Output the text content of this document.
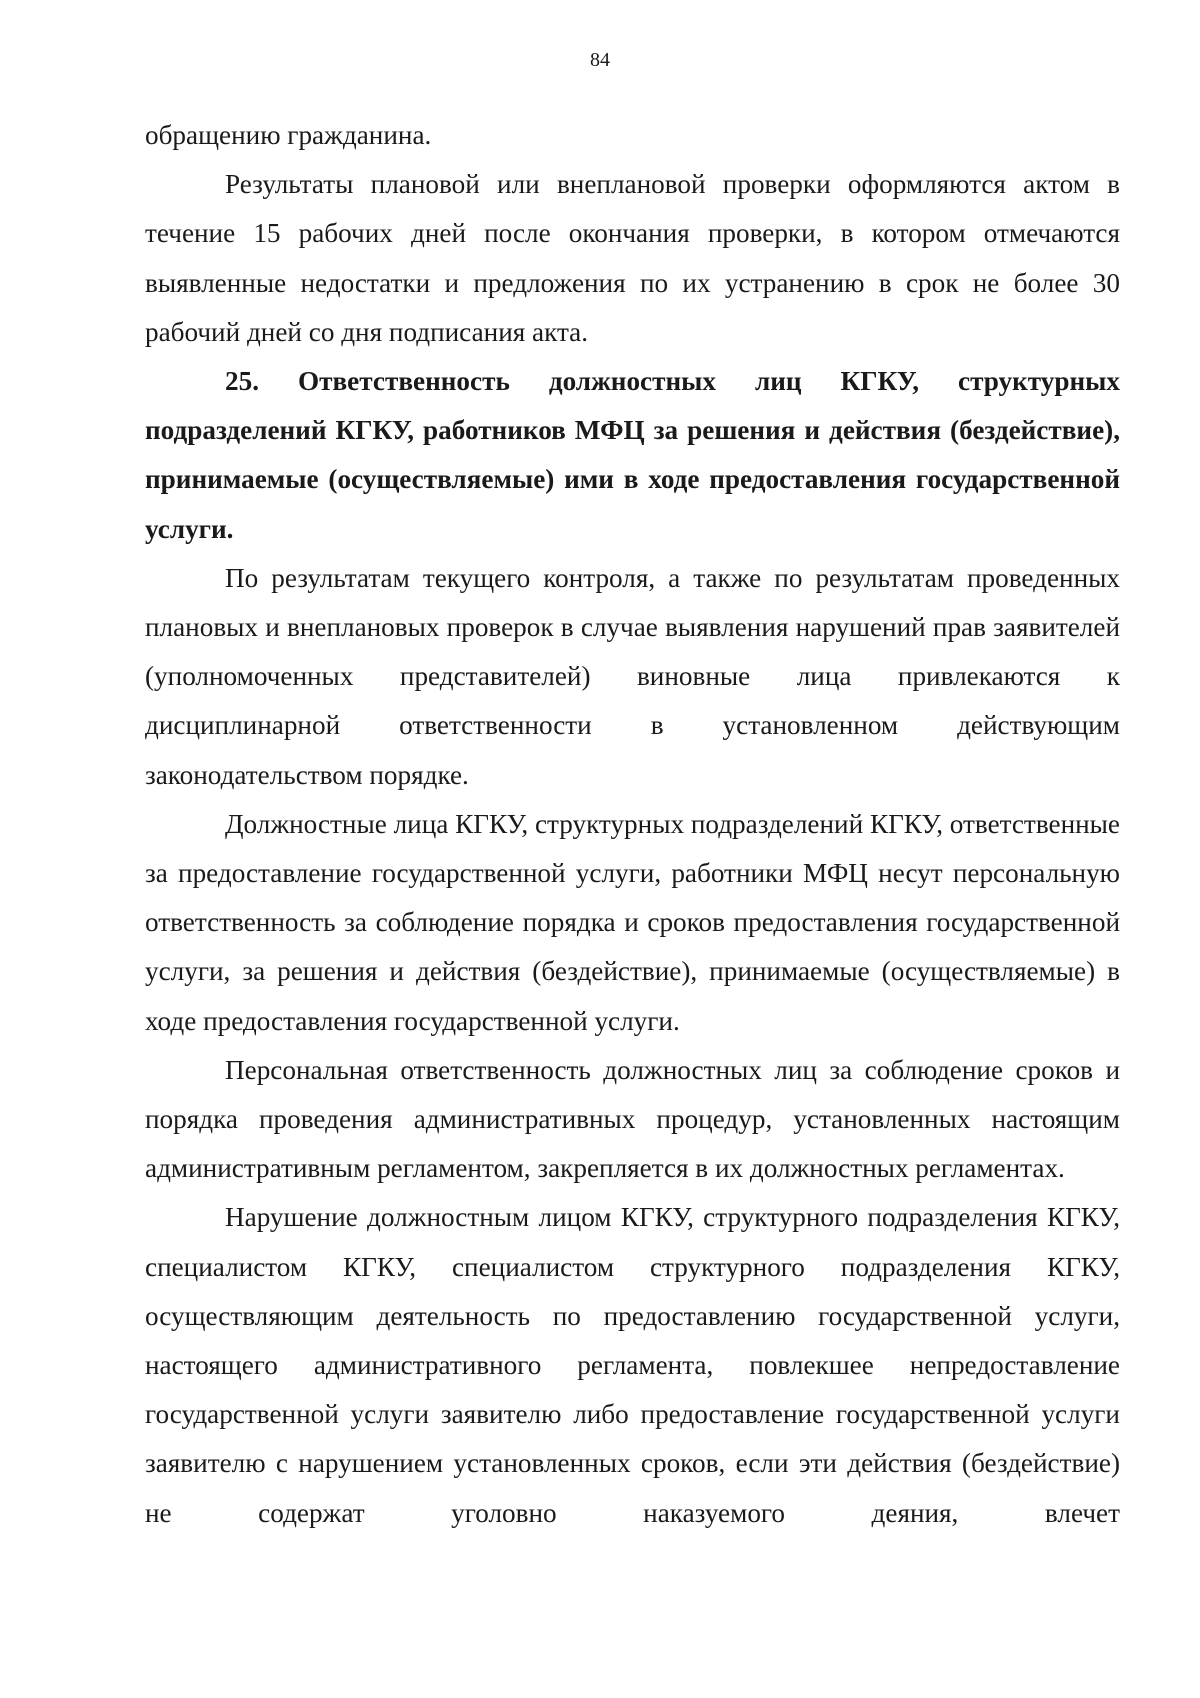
84

обращению гражданина.

Результаты плановой или внеплановой проверки оформляются актом в течение 15 рабочих дней после окончания проверки, в котором отмечаются выявленные недостатки и предложения по их устранению в срок не более 30 рабочий дней со дня подписания акта.

25. Ответственность должностных лиц КГКУ, структурных подразделений КГКУ, работников МФЦ за решения и действия (бездействие), принимаемые (осуществляемые) ими в ходе предоставления государственной услуги.

По результатам текущего контроля, а также по результатам проведенных плановых и внеплановых проверок в случае выявления нарушений прав заявителей (уполномоченных представителей) виновные лица привлекаются к дисциплинарной ответственности в установленном действующим законодательством порядке.

Должностные лица КГКУ, структурных подразделений КГКУ, ответственные за предоставление государственной услуги, работники МФЦ несут персональную ответственность за соблюдение порядка и сроков предоставления государственной услуги, за решения и действия (бездействие), принимаемые (осуществляемые) в ходе предоставления государственной услуги.

Персональная ответственность должностных лиц за соблюдение сроков и порядка проведения административных процедур, установленных настоящим административным регламентом, закрепляется в их должностных регламентах.

Нарушение должностным лицом КГКУ, структурного подразделения КГКУ, специалистом КГКУ, специалистом структурного подразделения КГКУ, осуществляющим деятельность по предоставлению государственной услуги, настоящего административного регламента, повлекшее непредоставление государственной услуги заявителю либо предоставление государственной услуги заявителю с нарушением установленных сроков, если эти действия (бездействие) не содержат уголовно наказуемого деяния, влечет
